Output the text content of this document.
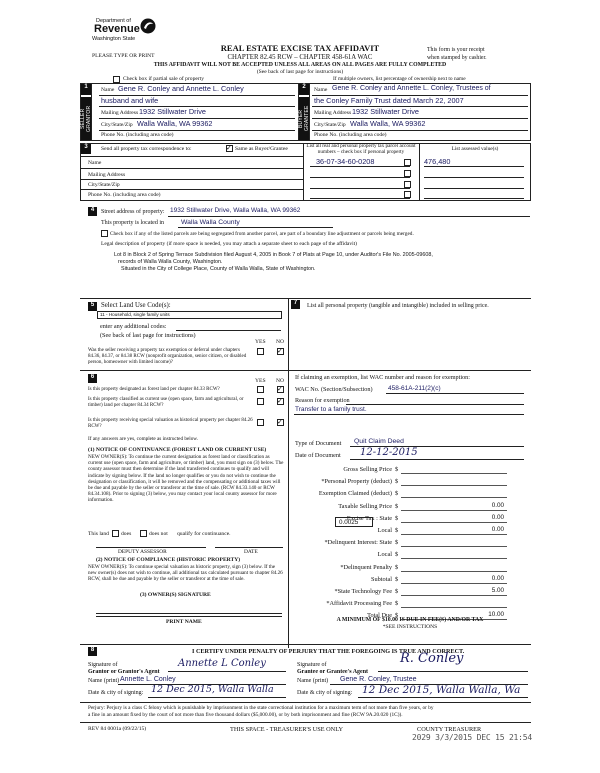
Department of
Revenue
Washington State
PLEASE TYPE OR PRINT
REAL ESTATE EXCISE TAX AFFIDAVIT
CHAPTER 82.45 RCW – CHAPTER 458-61A WAC
THIS AFFIDAVIT WILL NOT BE ACCEPTED UNLESS ALL AREAS ON ALL PAGES ARE FULLY COMPLETED
(See back of last page for instructions)
This form is your receipt
when stamped by cashier.
Check box if partial sale of property	If multiple owners, list percentage of ownership next to name
1
SELLER GRANTOR
Name Gene R. Conley and Annette L. Conley
husband and wife
Mailing Address 1932 Stillwater Drive
City/State/Zip Walla Walla, WA 99362
Phone No. (including area code)
2
BUYER GRANTEE
Name Gene R. Conley and Annette L. Conley, Trustees of
the Conley Family Trust dated March 22, 2007
Mailing Address 1932 Stillwater Drive
City/State/Zip Walla Walla, WA 99362
Phone No. (including area code)
3	Send all property tax correspondence to:	✓ Same as Buyer/Grantee
Name
Mailing Address
City/State/Zip
Phone No. (including area code)
List all real and personal property tax parcel account
numbers – check box if personal property	List assessed value(s)
36-07-34-60-0208	476,480
4	Street address of property: 1932 Stillwater Drive, Walla Walla, WA 99362
This property is located in	Walla Walla County
Check box if any of the listed parcels are being segregated from another parcel, are part of a boundary line adjustment or parcels being merged.
Legal description of property (if more space is needed, you may attach a separate sheet to each page of the affidavit)
Lot 8 in Block 2 of Spring Terrace Subdivision filed August 4, 2005 in Book 7 of Plats at Page 10, under Auditor's File No. 2005-09608,
records of Walla Walla County, Washington.
Situated in the City of College Place, County of Walla Walla, State of Washington.
5	Select Land Use Code(s):
11 - Household, single family units
enter any additional codes:
(See back of last page for instructions)
YES NO
Was the seller receiving a property tax exemption or deferral under chapters 84.36, 84.37, or 84.38 RCW (nonprofit organization, senior citizen, or disabled person, homeowner with limited income)?
✓
7	List all personal property (tangible and intangible) included in selling price.
6
YES NO
Is this property designated as forest land per chapter 84.33 RCW?	✓
Is this property classified as current use (open space, farm and agricultural, or timber) land per chapter 84.34 RCW?
✓
Is this property receiving special valuation as historical property per chapter 84.26 RCW?
✓
If any answers are yes, complete as instructed below.
(1) NOTICE OF CONTINUANCE (FOREST LAND OR CURRENT USE)
NEW OWNER(S): To continue the current designation as forest land or classification as current use (open space, farm and agriculture, or timber) land, you must sign on (3) below. The county assessor must then determine if the land transferred continues to qualify and will indicate by signing below. If the land no longer qualifies or you do not wish to continue the designation or classification, it will be removed and the compensating or additional taxes will be due and payable by the seller or transferor at the time of sale. (RCW 84.33.140 or RCW 84.34.108). Prior to signing (3) below, you may contact your local county assessor for more information.
This land does	does not qualify for continuance.
DEPUTY ASSESSOR	DATE
(2) NOTICE OF COMPLIANCE (HISTORIC PROPERTY)
NEW OWNER(S): To continue special valuation as historic property, sign (3) below. If the new owner(s) does not wish to continue, all additional tax calculated pursuant to chapter 84.26 RCW, shall be due and payable by the seller or transferor at the time of sale.
(3) OWNER(S) SIGNATURE
PRINT NAME
If claiming an exemption, list WAC number and reason for exemption:
WAC No. (Section/Subsection) 458-61A-211(2)(c)
Reason for exemption
Transfer to a family trust.
Type of Document Quit Claim Deed
Date of Document 12-12-2015
Gross Selling Price $
*Personal Property (deduct) $
Exemption Claimed (deduct) $
Taxable Selling Price $	0.00
Excise Tax : State $	0.00
Local $	0.00
*Delinquent Interest: State $
Local $
*Delinquent Penalty $
Subtotal $	0.00
*State Technology Fee $	5.00
*Affidavit Processing Fee $
Total Due $	10.00
0.0025
A MINIMUM OF $10.00 IS DUE IN FEE(S) AND/OR TAX
*SEE INSTRUCTIONS
8	I CERTIFY UNDER PENALTY OF PERJURY THAT THE FOREGOING IS TRUE AND CORRECT.
Signature of
Grantor or Grantor's Agent
Annette L Conley
Name (print) Annette L. Conley
Date & city of signing: 12 Dec 2015, Walla Walla
Signature of
Grantee or Grantee's Agent
R. Conley
Name (print) Gene R. Conley, Trustee
Date & city of signing: 12 Dec 2015, Walla Walla, Wa
Perjury: Perjury is a class C felony which is punishable by imprisonment in the state correctional institution for a maximum term of not more than five years, or by
a fine in an amount fixed by the court of not more than five thousand dollars ($5,000.00), or by both imprisonment and fine (RCW 9A.20.020 (1C)).
REV 84 0001a (09/22/15)	THIS SPACE - TREASURER'S USE ONLY	COUNTY TREASURER
2029 3/3/2015 DEC 15 21:54
